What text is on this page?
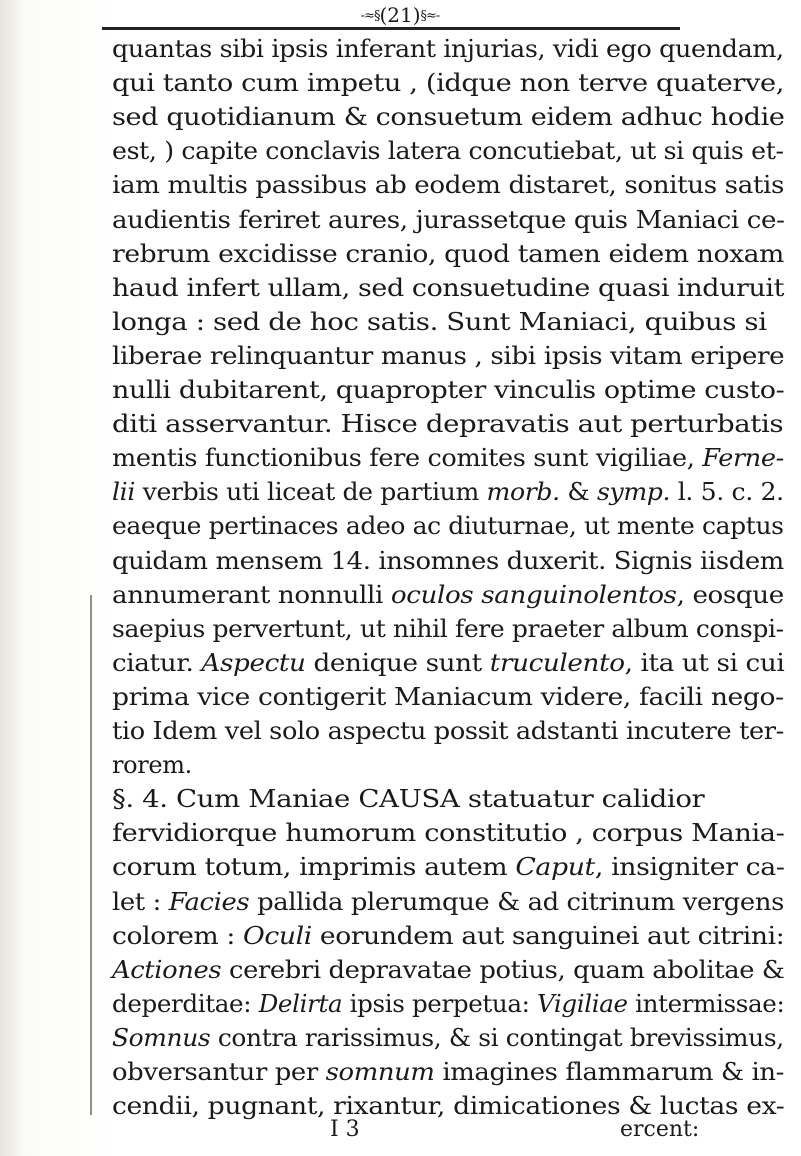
-≈§(21)§≈-
quantas sibi ipsis inferant injurias, vidi ego quendam,
qui tanto cum impetu , (idque non terve quaterve,
sed quotidianum & consuetum eidem adhuc hodie
est, ) capite conclavis latera concutiebat, ut si quis et-
iam multis passibus ab eodem distaret, sonitus satis
audientis feriret aures, jurassetque quis Maniaci ce-
rebrum excidisse cranio, quod tamen eidem noxam
haud infert ullam, sed consuetudine quasi induruit
longa : sed de hoc satis. Sunt Maniaci, quibus si
liberae relinquantur manus , sibi ipsis vitam eripere
nulli dubitarent, quapropter vinculis optime custo-
diti asservantur. Hisce depravatis aut perturbatis
mentis functionibus fere comites sunt vigiliae, Ferne-
lii verbis uti liceat de partium morb. & symp. l. 5. c. 2.
eaeque pertinaces adeo ac diuturnae, ut mente captus
quidam mensem 14. insomnes duxerit. Signis iisdem
annumerant nonnulli oculos sanguinolentos, eosque
saepius pervertunt, ut nihil fere praeter album conspi-
ciatur. Aspectu denique sunt truculento, ita ut si cui
prima vice contigerit Maniacum videre, facili nego-
tio Idem vel solo aspectu possit adstanti incutere ter-
rorem.
§. 4. Cum Maniae CAUSA statuatur calidior
fervidiorque humorum constitutio , corpus Mania-
corum totum, imprimis autem Caput, insigniter ca-
let : Facies pallida plerumque & ad citrinum vergens
colorem : Oculi eorundem aut sanguinei aut citrini:
Actiones cerebri depravatae potius, quam abolitae &
deperditae: Delirta ipsis perpetua: Vigiliae intermissae:
Somnus contra rarissimus, & si contingat brevissimus,
obversantur per somnum imagines flammarum & in-
cendii, pugnant, rixantur, dimicationes & luctas ex-
I 3	ercent:
